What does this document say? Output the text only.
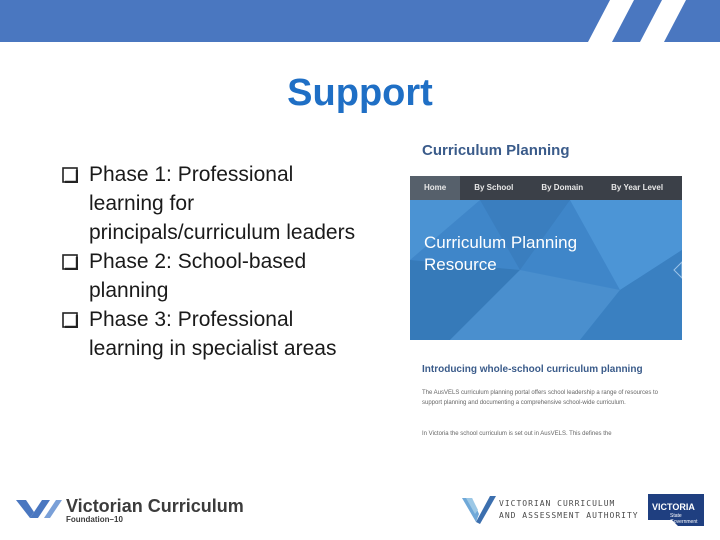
Support
Phase 1: Professional learning for principals/curriculum leaders
Phase 2: School-based planning
Phase 3: Professional learning in specialist areas
Curriculum Planning
Home	By School	By Domain	By Year Level
Curriculum Planning Resource
Introducing whole-school curriculum planning
The AusVELS curriculum planning portal offers school leadership a range of resources to support planning and documenting a comprehensive school-wide curriculum.
In Victoria the school curriculum is set out in AusVELS. This defines the
Victorian Curriculum
Foundation–10
VICTORIAN CURRICULUM
AND ASSESSMENT AUTHORITY
VICTORIA
State
Government
